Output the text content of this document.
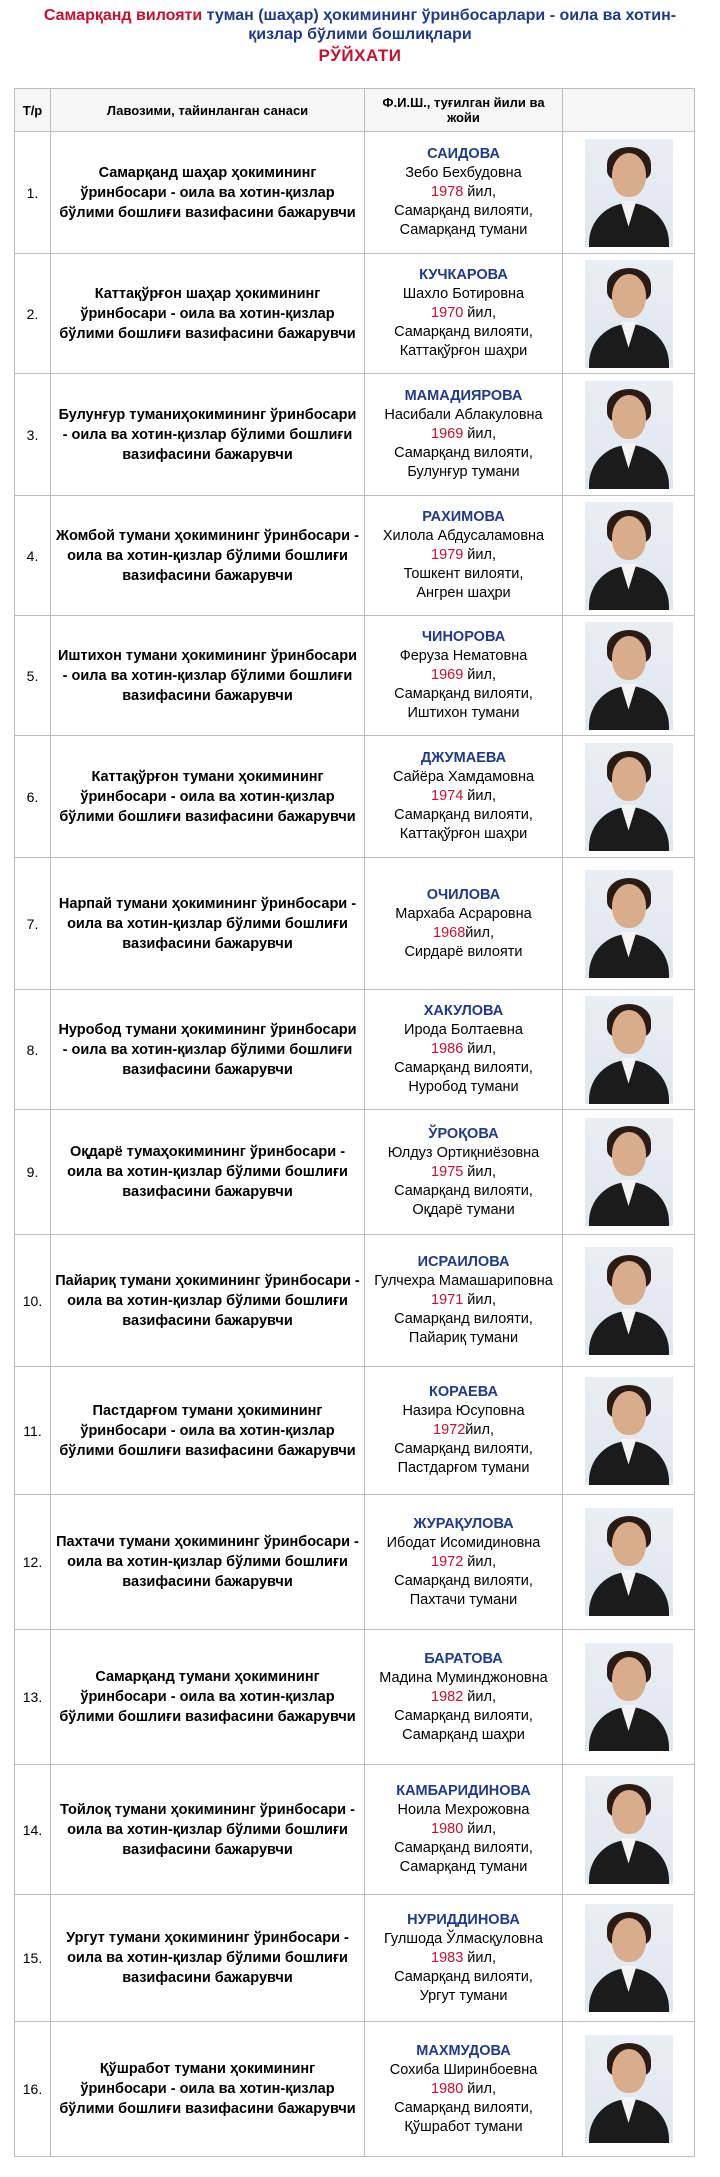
Самарқанд вилояти туман (шаҳар) ҳокимининг ўринбосарлари - оила ва хотин-қизлар бўлими бошлиқлари
РЎЙХАТИ
Т/р	Лавозими, тайинланган санаси	Ф.И.Ш., туғилган йили ва жойи	
1.	Самарқанд шаҳар ҳокимининг ўринбосари - оила ва хотин-қизлар бўлими бошлиғи вазифасини бажарувчи	САИДОВА
Зебо Бехбудовна
1978 йил,
Самарқанд вилояти,
Самарқанд тумани	

2.	Каттақўрғон шаҳар ҳокимининг ўринбосари - оила ва хотин-қизлар бўлими бошлиғи вазифасини бажарувчи	КУЧКАРОВА
Шахло Ботировна
1970 йил,
Самарқанд вилояти,
Каттақўрғон шаҳри	

3.	Булунғур туманиҳокимининг ўринбосари - оила ва хотин-қизлар бўлими бошлиғи вазифасини бажарувчи	МАМАДИЯРОВА
Насибали Аблакуловна
1969 йил,
Самарқанд вилояти,
Булунғур тумани	

4.	Жомбой тумани ҳокимининг ўринбосари - оила ва хотин-қизлар бўлими бошлиғи вазифасини бажарувчи	РАХИМОВА
Хилола Абдусаламовна
1979 йил,
Тошкент вилояти,
Ангрен шаҳри	

5.	Иштихон тумани ҳокимининг ўринбосари - оила ва хотин-қизлар бўлими бошлиғи вазифасини бажарувчи	ЧИНОРОВА
Феруза Нематовна
1969 йил,
Самарқанд вилояти,
Иштихон тумани	

6.	Каттақўрғон тумани ҳокимининг ўринбосари - оила ва хотин-қизлар бўлими бошлиғи вазифасини бажарувчи	ДЖУМАЕВА
Сайёра Хамдамовна
1974 йил,
Самарқанд вилояти,
Каттақўрғон шаҳри	

7.	Нарпай тумани ҳокимининг ўринбосари - оила ва хотин-қизлар бўлими бошлиғи вазифасини бажарувчи	ОЧИЛОВА
Мархаба Асраровна
1968йил,
Сирдарё вилояти

8.	Нуробод тумани ҳокимининг ўринбосари - оила ва хотин-қизлар бўлими бошлиғи вазифасини бажарувчи	ХАКУЛОВА
Ирода Болтаевна
1986 йил,
Самарқанд вилояти,
Нуробод тумани	

9.	Оқдарё тумаҳокимининг ўринбосари - оила ва хотин-қизлар бўлими бошлиғи вазифасини бажарувчи	ЎРОҚОВА
Юлдуз Ортиқниёзовна
1975 йил,
Самарқанд вилояти,
Оқдарё тумани	

10.	Пайариқ тумани ҳокимининг ўринбосари - оила ва хотин-қизлар бўлими бошлиғи вазифасини бажарувчи	ИСРАИЛОВА
Гулчехра Мамашариповна
1971 йил,
Самарқанд вилояти,
Пайариқ тумани	

11.	Пастдарғом тумани ҳокимининг ўринбосари - оила ва хотин-қизлар бўлими бошлиғи вазифасини бажарувчи	КОРАЕВА
Назира Юсуповна
1972йил,
Самарқанд вилояти,
Пастдарғом тумани	

12.	Пахтачи тумани ҳокимининг ўринбосари - оила ва хотин-қизлар бўлими бошлиғи вазифасини бажарувчи	ЖУРАҚУЛОВА
Ибодат Исомидиновна
1972 йил,
Самарқанд вилояти,
Пахтачи тумани	

13.	Самарқанд тумани ҳокимининг ўринбосари - оила ва хотин-қизлар бўлими бошлиғи вазифасини бажарувчи	БАРАТОВА
Мадина Муминджоновна
1982 йил,
Самарқанд вилояти,
Самарқанд шаҳри	

14.	Тойлоқ тумани ҳокимининг ўринбосари - оила ва хотин-қизлар бўлими бошлиғи вазифасини бажарувчи	КАМБАРИДИНОВА
Ноила Мехрожовна
1980 йил,
Самарқанд вилояти,
Самарқанд тумани	

15.	Ургут тумани ҳокимининг ўринбосари - оила ва хотин-қизлар бўлими бошлиғи вазифасини бажарувчи	НУРИДДИНОВА
Гулшода Ўлмасқуловна
1983 йил,
Самарқанд вилояти,
Ургут тумани	

16.	Қўшработ тумани ҳокимининг ўринбосари - оила ва хотин-қизлар бўлими бошлиғи вазифасини бажарувчи	МАХМУДОВА
Сохиба Ширинбоевна
1980 йил,
Самарқанд вилояти,
Қўшработ тумани	
